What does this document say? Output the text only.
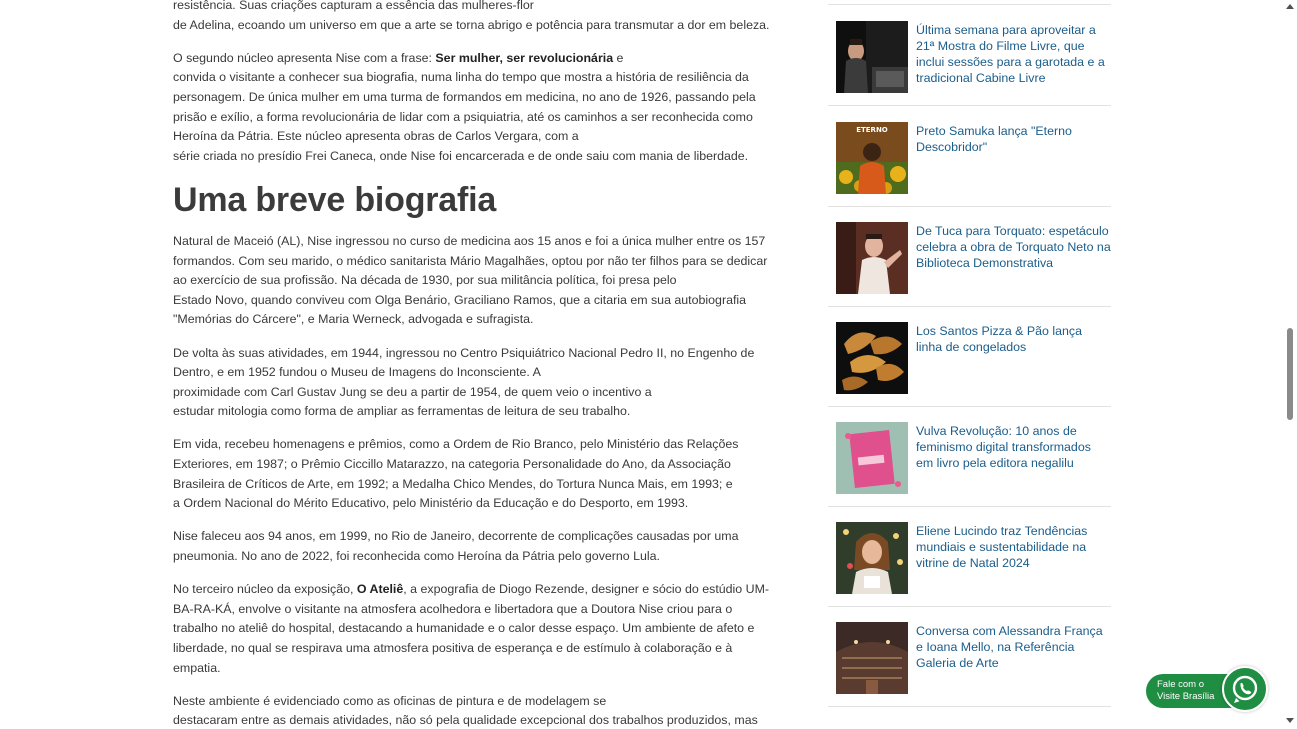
resistência. Suas criações capturam a essência das mulheres-flor
de Adelina, ecoando um universo em que a arte se torna abrigo e potência para transmutar a dor em beleza.

O segundo núcleo apresenta Nise com a frase: Ser mulher, ser revolucionária e
convida o visitante a conhecer sua biografia, numa linha do tempo que mostra a história de resiliência da
personagem. De única mulher em uma turma de formandos em medicina, no ano de 1926, passando pela
prisão e exílio, a forma revolucionária de lidar com a psiquiatria, até os caminhos a ser reconhecida como
Heroína da Pátria. Este núcleo apresenta obras de Carlos Vergara, com a
série criada no presídio Frei Caneca, onde Nise foi encarcerada e de onde saiu com mania de liberdade.

Uma breve biografia

Natural de Maceió (AL), Nise ingressou no curso de medicina aos 15 anos e foi a única mulher entre os 157
formandos. Com seu marido, o médico sanitarista Mário Magalhães, optou por não ter filhos para se dedicar
ao exercício de sua profissão. Na década de 1930, por sua militância política, foi presa pelo
Estado Novo, quando conviveu com Olga Benário, Graciliano Ramos, que a citaria em sua autobiografia
"Memórias do Cárcere", e Maria Werneck, advogada e sufragista.

De volta às suas atividades, em 1944, ingressou no Centro Psiquiátrico Nacional Pedro II, no Engenho de
Dentro, e em 1952 fundou o Museu de Imagens do Inconsciente. A
proximidade com Carl Gustav Jung se deu a partir de 1954, de quem veio o incentivo a
estudar mitologia como forma de ampliar as ferramentas de leitura de seu trabalho.

Em vida, recebeu homenagens e prêmios, como a Ordem de Rio Branco, pelo Ministério das Relações
Exteriores, em 1987; o Prêmio Ciccillo Matarazzo, na categoria Personalidade do Ano, da Associação
Brasileira de Críticos de Arte, em 1992; a Medalha Chico Mendes, do Tortura Nunca Mais, em 1993; e
a Ordem Nacional do Mérito Educativo, pelo Ministério da Educação e do Desporto, em 1993.

Nise faleceu aos 94 anos, em 1999, no Rio de Janeiro, decorrente de complicações causadas por uma
pneumonia. No ano de 2022, foi reconhecida como Heroína da Pátria pelo governo Lula.

No terceiro núcleo da exposição, O Ateliê, a expografia de Diogo Rezende, designer e sócio do estúdio UM-
BA-RA-KÁ, envolve o visitante na atmosfera acolhedora e libertadora que a Doutora Nise criou para o
trabalho no ateliê do hospital, destacando a humanidade e o calor desse espaço. Um ambiente de afeto e
liberdade, no qual se respirava uma atmosfera positiva de esperança e de estímulo à colaboração e à
empatia.

Neste ambiente é evidenciado como as oficinas de pintura e de modelagem se
destacaram entre as demais atividades, não só pela qualidade excepcional dos trabalhos produzidos, mas

Última semana para aproveitar a 21ª Mostra do Filme Livre, que inclui sessões para a garotada e a tradicional Cabine Livre
ETERNO Preto Samuka lança "Eterno Descobridor"
De Tuca para Torquato: espetáculo celebra a obra de Torquato Neto na Biblioteca Demonstrativa
Los Santos Pizza & Pão lança linha de congelados
Vulva Revolução: 10 anos de feminismo digital transformados em livro pela editora negalilu
Eliene Lucindo traz Tendências mundiais e sustentabilidade na vitrine de Natal 2024
Conversa com Alessandra França e Ioana Mello, na Referência Galeria de Arte
Fale com o
Visite Brasília
